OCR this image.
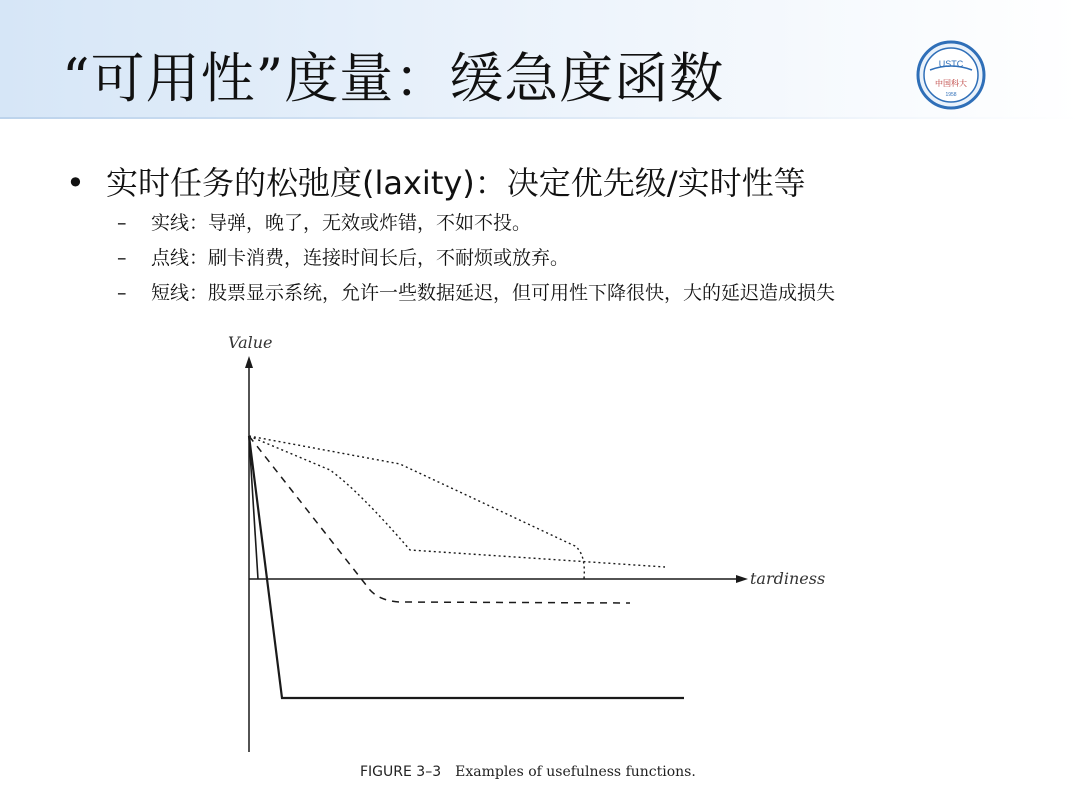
“可用性”度量：缓急度函数	USTC
中国科大
1958
• 实时任务的松弛度(laxity)：决定优先级/实时性等
– 实线：导弹，晚了，无效或炸错，不如不投。
– 点线：刷卡消费，连接时间长后，不耐烦或放弃。
– 短线：股票显示系统，允许一些数据延迟，但可用性下降很快，大的延迟造成损失
Value
tardiness
FIGURE 3–3 Examples of usefulness functions.
